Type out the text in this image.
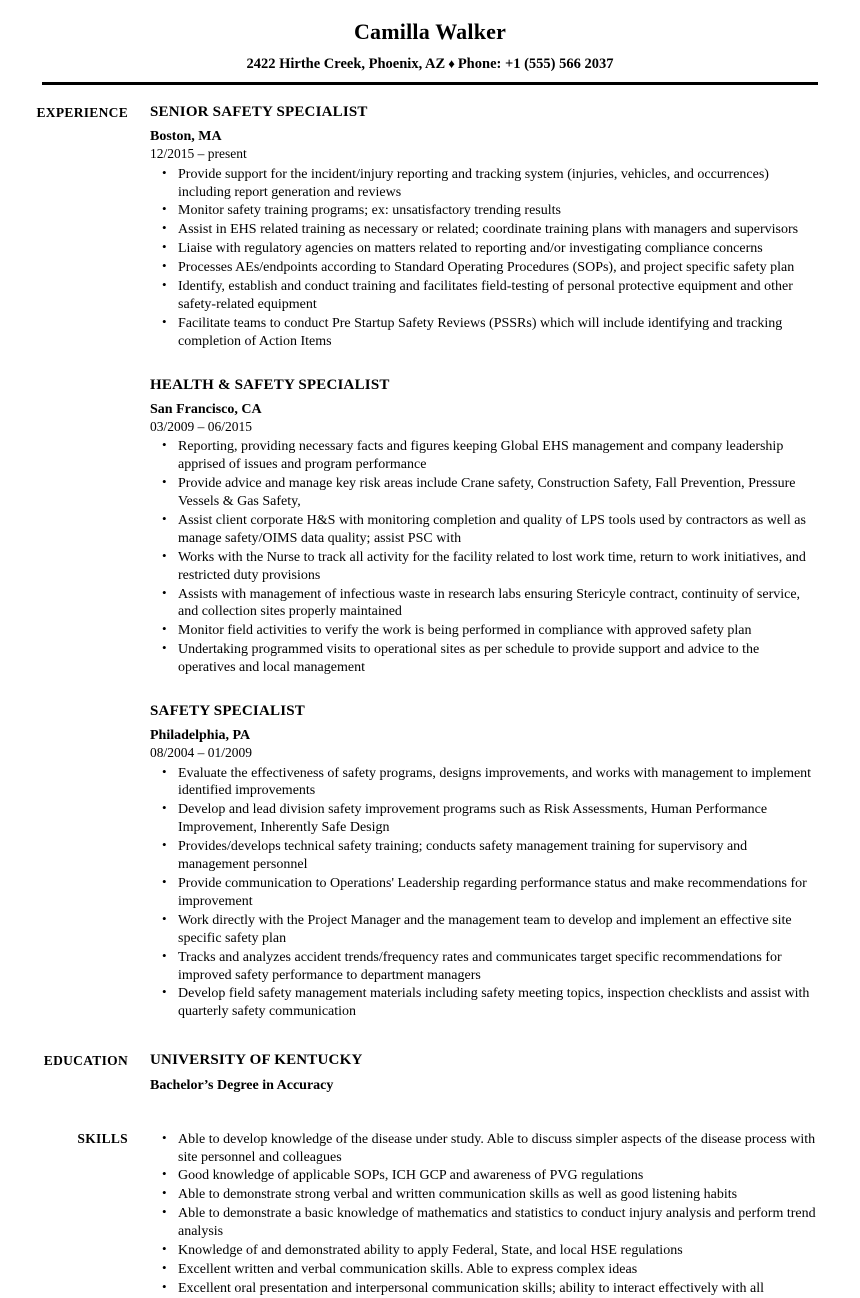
Camilla Walker
2422 Hirthe Creek, Phoenix, AZ ♦ Phone: +1 (555) 566 2037
EXPERIENCE SENIOR SAFETY SPECIALIST
Boston, MA
12/2015 – present
• Provide support for the incident/injury reporting and tracking system (injuries, vehicles, and occurrences) including report generation and reviews
• Monitor safety training programs; ex: unsatisfactory trending results
• Assist in EHS related training as necessary or related; coordinate training plans with managers and supervisors
• Liaise with regulatory agencies on matters related to reporting and/or investigating compliance concerns
• Processes AEs/endpoints according to Standard Operating Procedures (SOPs), and project specific safety plan
• Identify, establish and conduct training and facilitates field-testing of personal protective equipment and other safety-related equipment
• Facilitate teams to conduct Pre Startup Safety Reviews (PSSRs) which will include identifying and tracking completion of Action Items
HEALTH & SAFETY SPECIALIST
San Francisco, CA
03/2009 – 06/2015
• Reporting, providing necessary facts and figures keeping Global EHS management and company leadership apprised of issues and program performance
• Provide advice and manage key risk areas include Crane safety, Construction Safety, Fall Prevention, Pressure Vessels & Gas Safety,
• Assist client corporate H&S with monitoring completion and quality of LPS tools used by contractors as well as manage safety/OIMS data quality; assist PSC with
• Works with the Nurse to track all activity for the facility related to lost work time, return to work initiatives, and restricted duty provisions
• Assists with management of infectious waste in research labs ensuring Stericyle contract, continuity of service, and collection sites properly maintained
• Monitor field activities to verify the work is being performed in compliance with approved safety plan
• Undertaking programmed visits to operational sites as per schedule to provide support and advice to the operatives and local management
SAFETY SPECIALIST
Philadelphia, PA
08/2004 – 01/2009
• Evaluate the effectiveness of safety programs, designs improvements, and works with management to implement identified improvements
• Develop and lead division safety improvement programs such as Risk Assessments, Human Performance Improvement, Inherently Safe Design
• Provides/develops technical safety training; conducts safety management training for supervisory and management personnel
• Provide communication to Operations' Leadership regarding performance status and make recommendations for improvement
• Work directly with the Project Manager and the management team to develop and implement an effective site specific safety plan
• Tracks and analyzes accident trends/frequency rates and communicates target specific recommendations for improved safety performance to department managers
• Develop field safety management materials including safety meeting topics, inspection checklists and assist with quarterly safety communication
EDUCATION UNIVERSITY OF KENTUCKY
Bachelor’s Degree in Accuracy
SKILLS	• Able to develop knowledge of the disease under study. Able to discuss simpler aspects of the disease process with site personnel and colleagues
• Good knowledge of applicable SOPs, ICH GCP and awareness of PVG regulations
• Able to demonstrate strong verbal and written communication skills as well as good listening habits
• Able to demonstrate a basic knowledge of mathematics and statistics to conduct injury analysis and perform trend analysis
• Knowledge of and demonstrated ability to apply Federal, State, and local HSE regulations
• Excellent written and verbal communication skills. Able to express complex ideas
• Excellent oral presentation and interpersonal communication skills; ability to interact effectively with all
